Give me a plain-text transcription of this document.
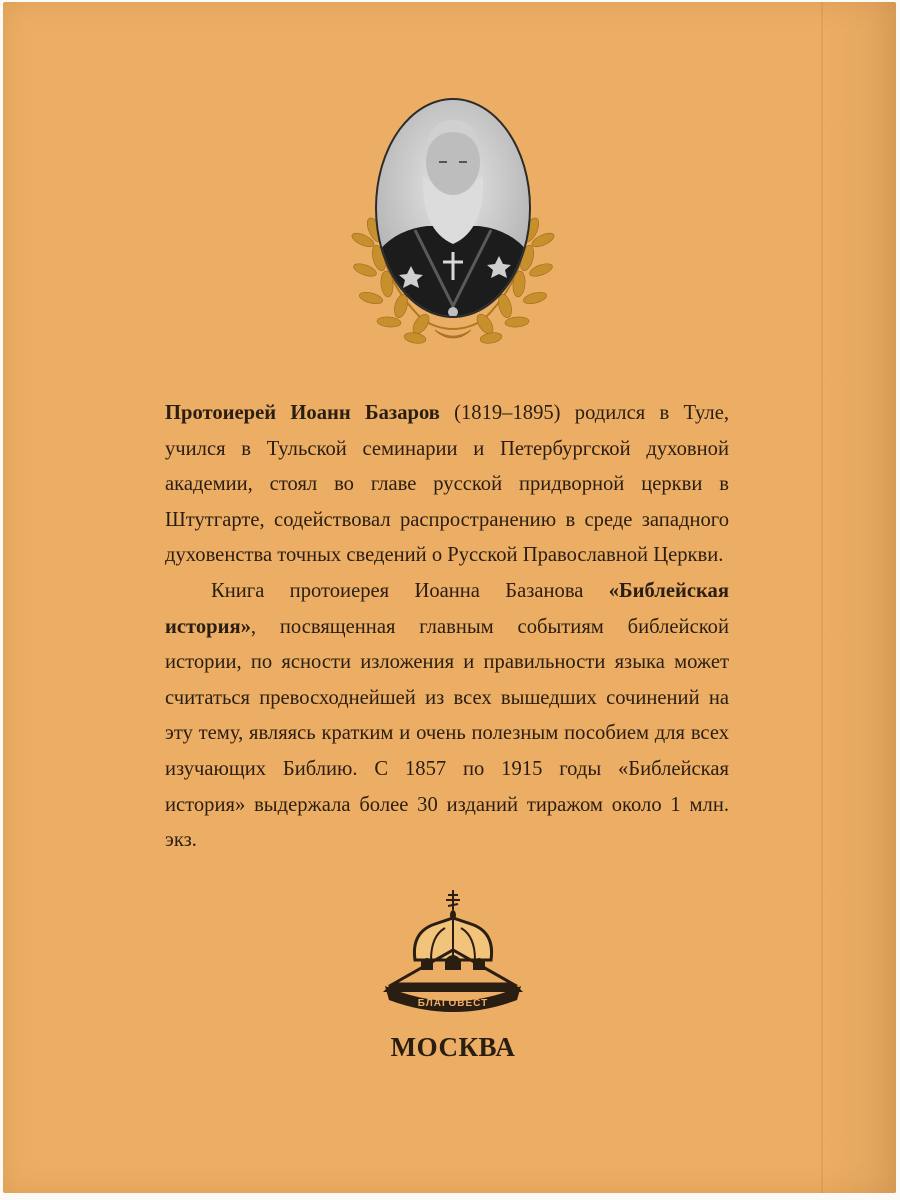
Протоиерей Иоанн Базаров (1819–1895) родился в Туле, учился в Тульской семинарии и Петербургской духовной академии, стоял во главе русской придворной церкви в Штутгарте, содействовал распространению в среде западного духовенства точных сведений о Русской Православной Церкви.

Книга протоиерея Иоанна Базанова «Библейская история», посвященная главным событиям библейской истории, по ясности изложения и правильности языка может считаться превосходнейшей из всех вышедших сочинений на эту тему, являясь кратким и очень полезным пособием для всех изучающих Библию. С 1857 по 1915 годы «Библейская история» выдержала более 30 изданий тиражом около 1 млн. экз.

БЛАГОВЕСТ
МОСКВА
